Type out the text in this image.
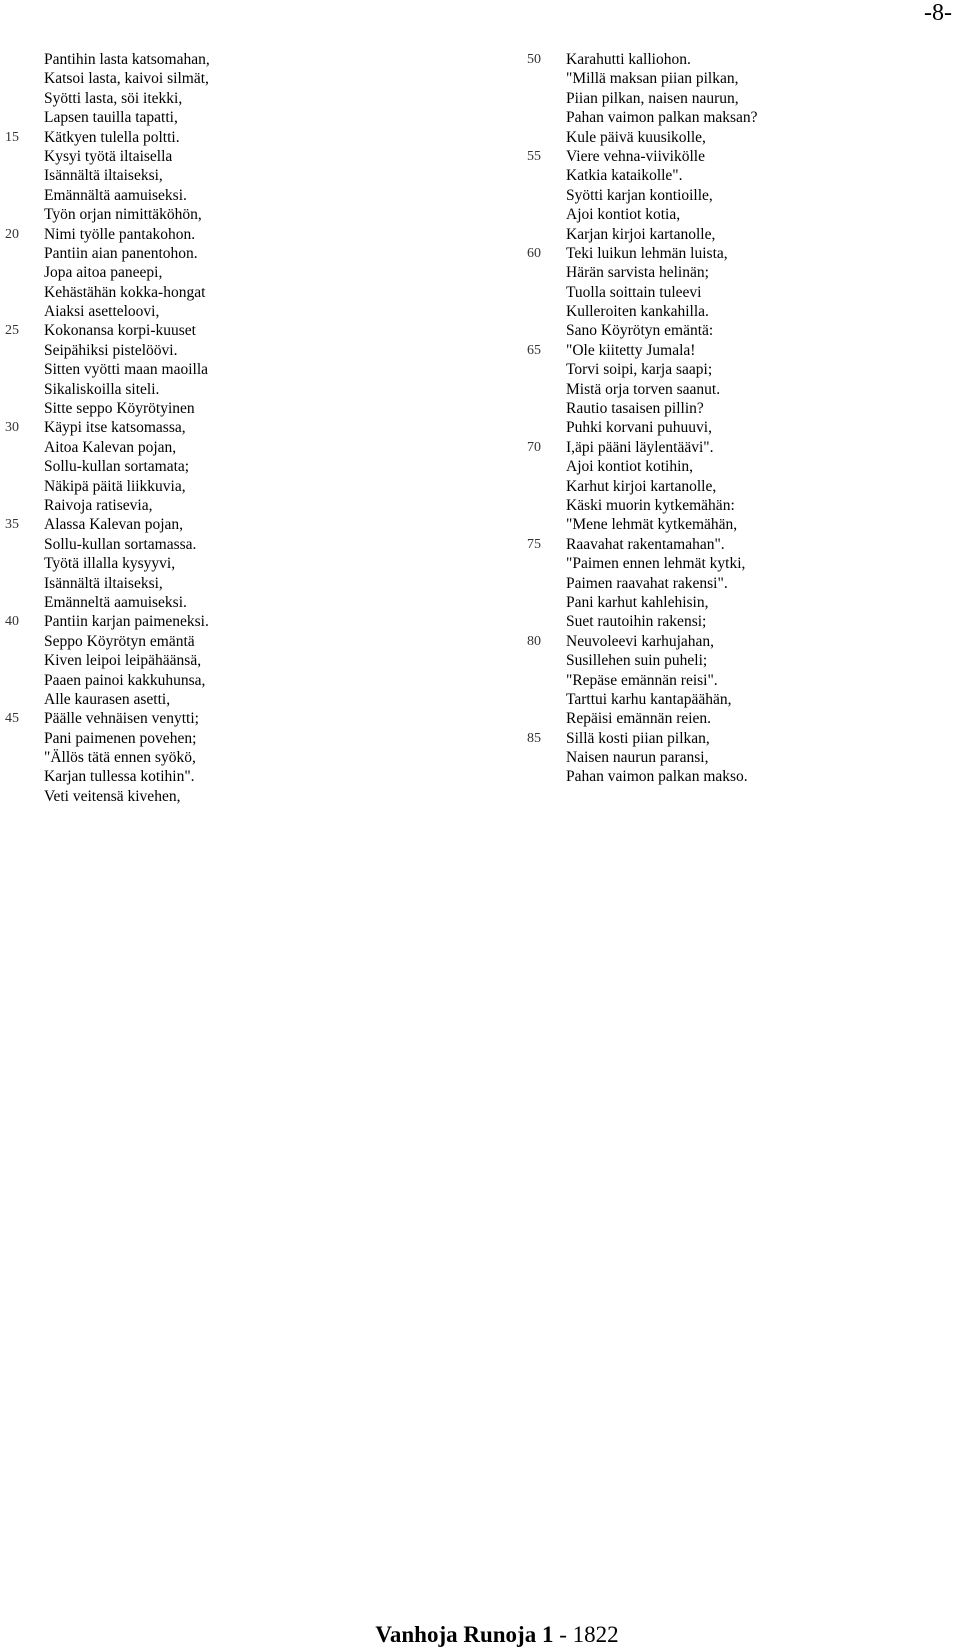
-8-
Pantihin lasta katsomahan,
Katsoi lasta, kaivoi silmät,
Syötti lasta, söi itekki,
Lapsen tauilla tapatti,
15	Kätkyen tulella poltti.
Kysyi työtä iltaisella
Isännältä iltaiseksi,
Emännältä aamuiseksi.
Työn orjan nimittäköhön,
20	Nimi työlle pantakohon.
Pantiin aian panentohon.
Jopa aitoa paneepi,
Kehästähän kokka-hongat
Aiaksi asetteloovi,
25	Kokonansa korpi-kuuset
Seipähiksi pistelöövi.
Sitten vyötti maan maoilla
Sikaliskoilla siteli.
Sitte seppo Köyrötyinen
30	Käypi itse katsomassa,
Aitoa Kalevan pojan,
Sollu-kullan sortamata;
Näkipä päitä liikkuvia,
Raivoja ratisevia,
35	Alassa Kalevan pojan,
Sollu-kullan sortamassa.
Työtä illalla kysyyvi,
Isännältä iltaiseksi,
Emänneltä aamuiseksi.
40	Pantiin karjan paimeneksi.
Seppo Köyrötyn emäntä
Kiven leipoi leipähäänsä,
Paaen painoi kakkuhunsa,
Alle kaurasen asetti,
45	Päälle vehnäisen venytti;
Pani paimenen povehen;
"Ällös tätä ennen syökö,
Karjan tullessa kotihin".
Veti veitensä kivehen,
50	Karahutti kalliohon.
"Millä maksan piian pilkan,
Piian pilkan, naisen naurun,
Pahan vaimon palkan maksan?
Kule päivä kuusikolle,
55	Viere vehna-viivikölle
Katkia kataikolle".
Syötti karjan kontioille,
Ajoi kontiot kotia,
Karjan kirjoi kartanolle,
60	Teki luikun lehmän luista,
Härän sarvista helinän;
Tuolla soittain tuleevi
Kulleroiten kankahilla.
Sano Köyrötyn emäntä:
65	"Ole kiitetty Jumala!
Torvi soipi, karja saapi;
Mistä orja torven saanut.
Rautio tasaisen pillin?
Puhki korvani puhuuvi,
70	I,äpi pääni läylentäävi".
Ajoi kontiot kotihin,
Karhut kirjoi kartanolle,
Käski muorin kytkemähän:
"Mene lehmät kytkemähän,
75	Raavahat rakentamahan".
"Paimen ennen lehmät kytki,
Paimen raavahat rakensi".
Pani karhut kahlehisin,
Suet rautoihin rakensi;
80	Neuvoleevi karhujahan,
Susillehen suin puheli;
"Repäse emännän reisi".
Tarttui karhu kantapäähän,
Repäisi emännän reien.
85	Sillä kosti piian pilkan,
Naisen naurun paransi,
Pahan vaimon palkan makso.
Vanhoja Runoja 1 - 1822
